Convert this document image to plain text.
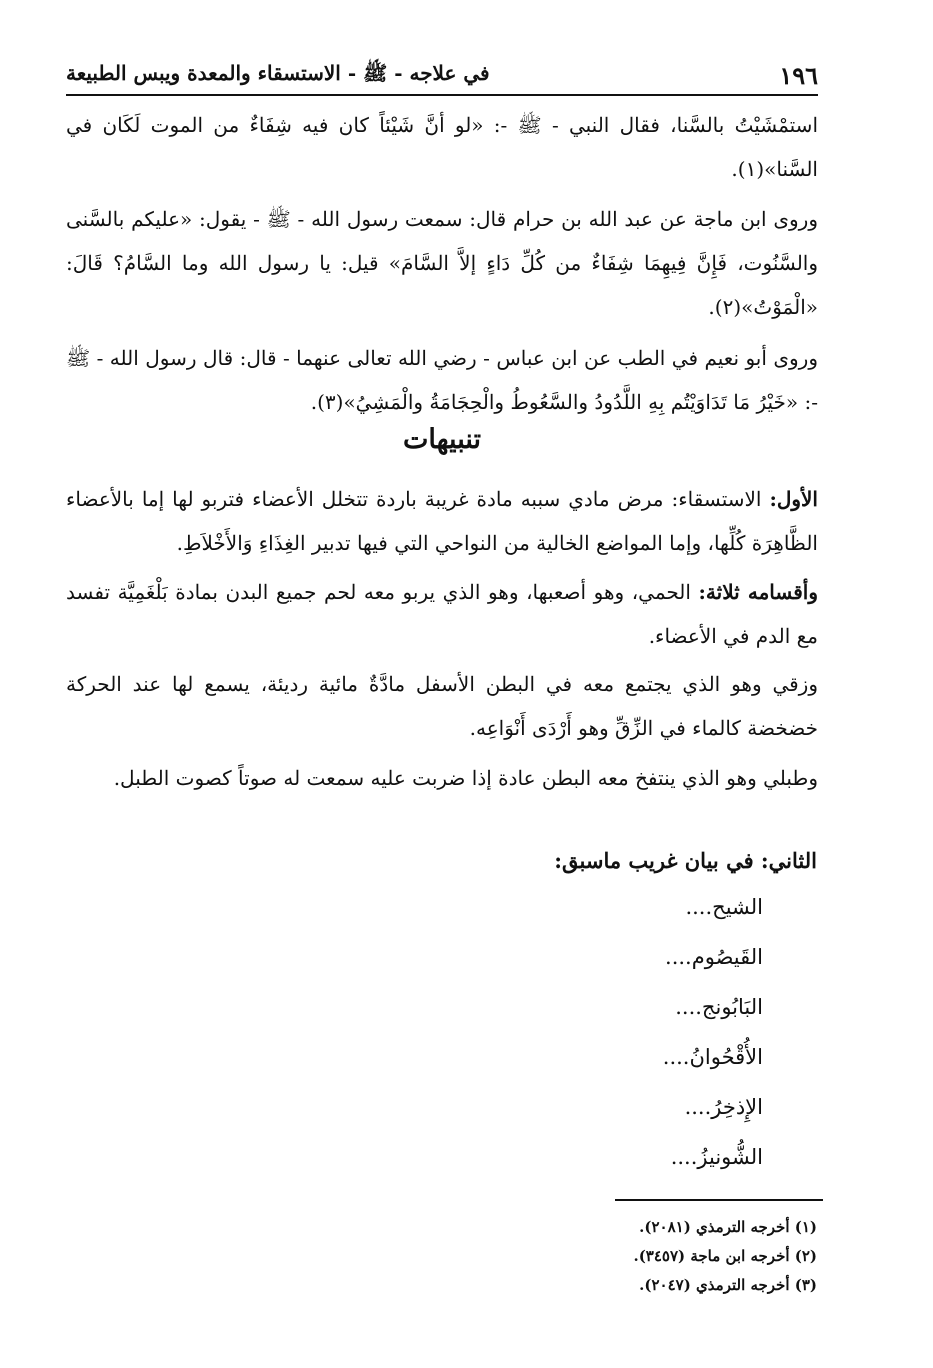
١٩٦
في علاجه - ﷺ - الاستسقاء والمعدة ويبس الطبيعة

استمْشَيْتُ بالسَّنا، فقال النبي - ﷺ -: «لو أنَّ شَيْئاً كان فيه شِفَاءٌ من الموت لَكَان في السَّنا»(١).

وروى ابن ماجة عن عبد الله بن حرام قال: سمعت رسول الله - ﷺ - يقول: «عليكم بالسَّنى والسَّنُوت، فَإِنَّ فِيهِمَا شِفَاءٌ من كُلِّ دَاءٍ إلاَّ السَّامَ» قيل: يا رسول الله وما السَّامُ؟ قَالَ: «الْمَوْتُ»(٢).

وروى أبو نعيم في الطب عن ابن عباس - رضي الله تعالى عنهما - قال: قال رسول الله - ﷺ -: «خَيْرُ مَا تَدَاوَيْتُم بِهِ اللَّدُودُ والسَّعُوطُ والْحِجَامَةُ والْمَشِيُ»(٣).

تنبيهات

الأول: الاستسقاء: مرض مادي سببه مادة غريبة باردة تتخلل الأعضاء فتربو لها إما بالأعضاء الظَّاهِرَة كُلِّها، وإما المواضع الخالية من النواحي التي فيها تدبير الغِذَاءِ وَالأَخْلاَطِ.

وأقسامه ثلاثة: الحمي، وهو أصعبها، وهو الذي يربو معه لحم جميع البدن بمادة بَلْغَمِيَّة تفسد مع الدم في الأعضاء.

وزقي وهو الذي يجتمع معه في البطن الأسفل مادَّةٌ مائية رديئة، يسمع لها عند الحركة خضخضة كالماء في الزِّقِّ وهو أَرْدَى أَنْوَاعِه.

وطبلي وهو الذي ينتفخ معه البطن عادة إذا ضربت عليه سمعت له صوتاً كصوت الطبل.

الثاني: في بيان غريب ماسبق:
الشيح....
القَيصُوم....
البَابُونج....
الأُقْحُوانُ....
الإِذخِرُ....
الشُّونيزُ....
(١) أخرجه الترمذي (٢٠٨١).
(٢) أخرجه ابن ماجة (٣٤٥٧).
(٣) أخرجه الترمذي (٢٠٤٧).
